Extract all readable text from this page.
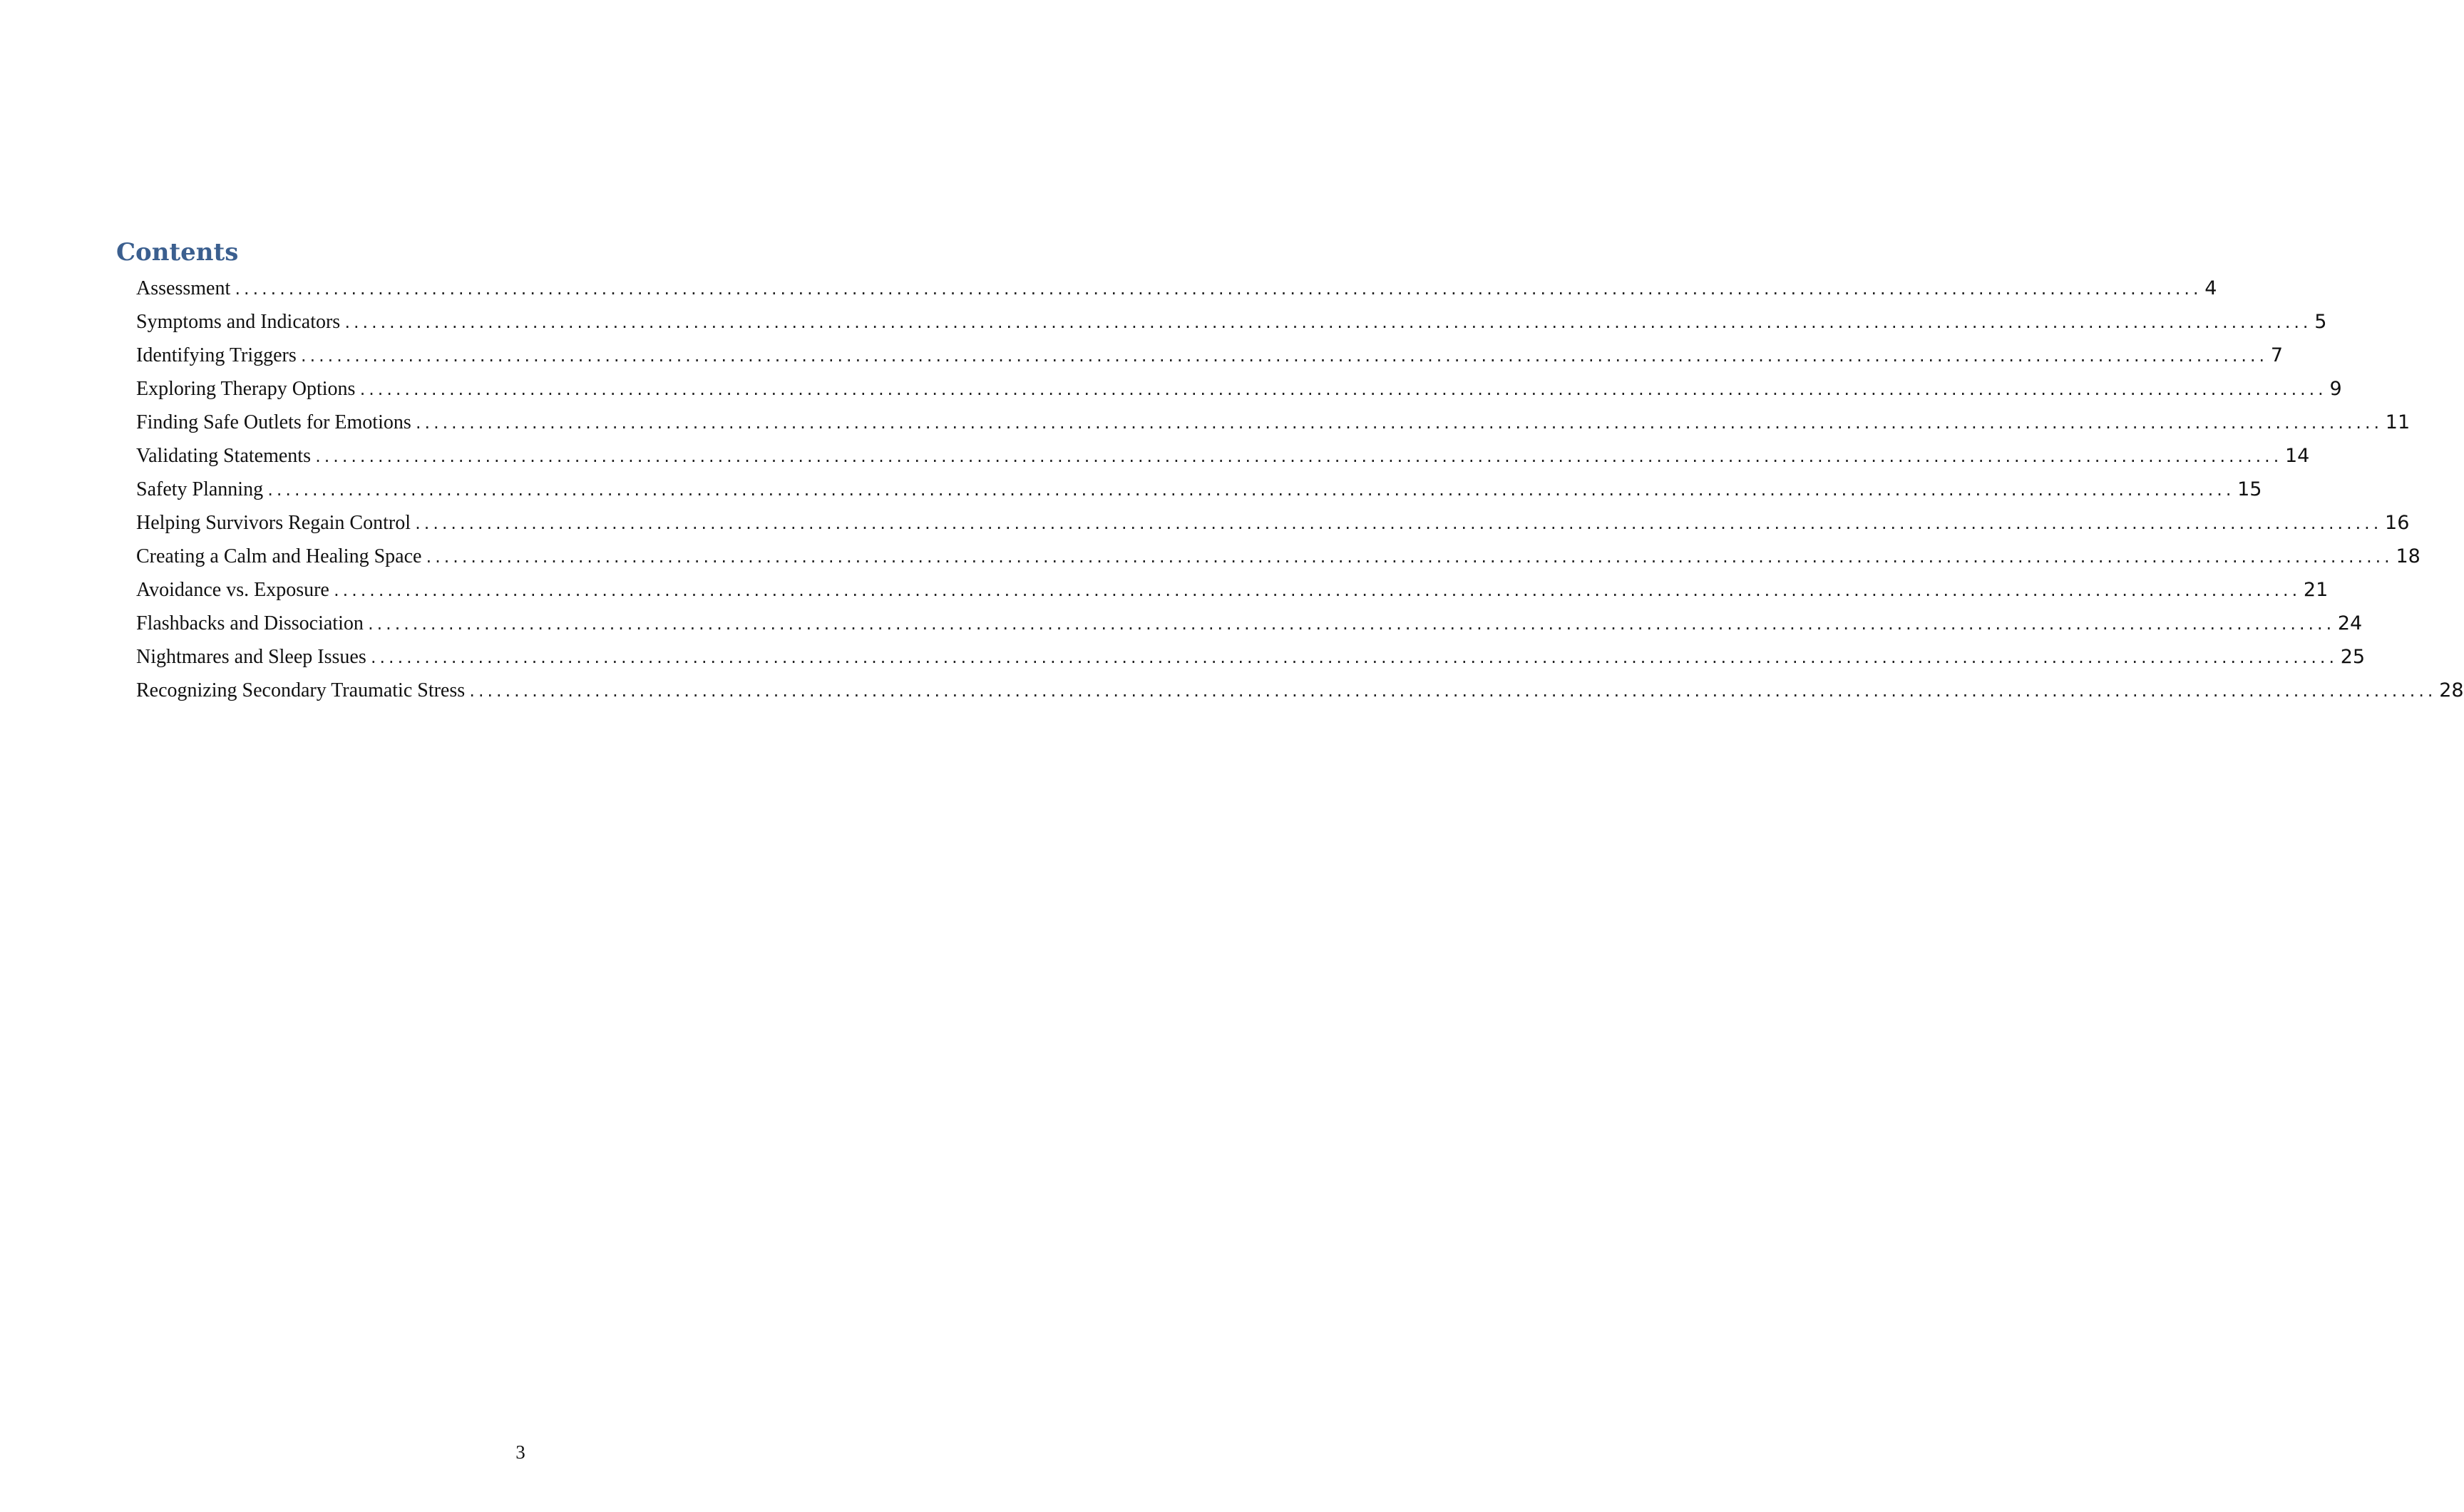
Contents
Assessment ............................................................................................................................................................................................................................ 4
Symptoms and Indicators ............................................................................................................................................................................................................................ 5
Identifying Triggers ............................................................................................................................................................................................................................ 7
Exploring Therapy Options ............................................................................................................................................................................................................................ 9
Finding Safe Outlets for Emotions ............................................................................................................................................................................................................................ 11
Validating Statements ............................................................................................................................................................................................................................ 14
Safety Planning ............................................................................................................................................................................................................................ 15
Helping Survivors Regain Control ............................................................................................................................................................................................................................ 16
Creating a Calm and Healing Space ............................................................................................................................................................................................................................ 18
Avoidance vs. Exposure ............................................................................................................................................................................................................................ 21
Flashbacks and Dissociation ............................................................................................................................................................................................................................ 24
Nightmares and Sleep Issues ............................................................................................................................................................................................................................ 25
Recognizing Secondary Traumatic Stress ............................................................................................................................................................................................................................ 28

3
